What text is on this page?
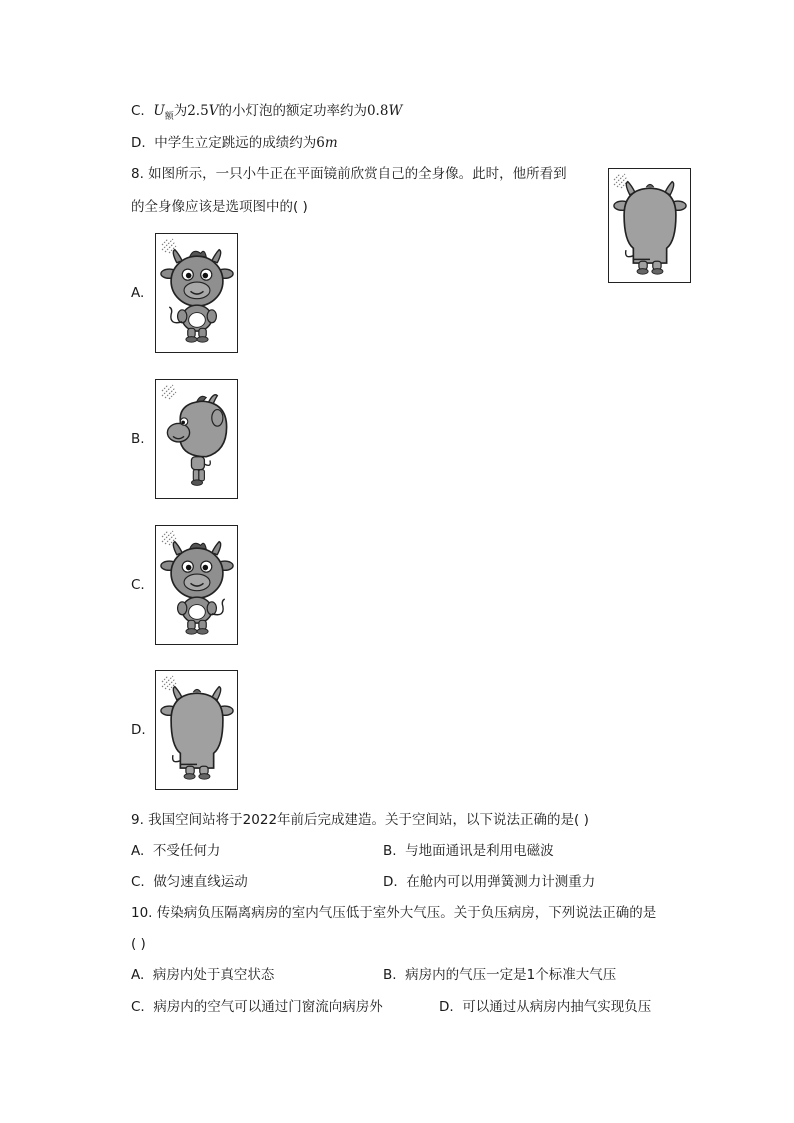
C. $U_额$为2.5V的小灯泡的额定功率约为0.8W
D. 中学生立定跳远的成绩约为6m
8. 如图所示，一只小牛正在平面镜前欣赏自己的全身像。此时，他所看到
的全身像应该是选项图中的( )
A.
B.
C.
D.
9. 我国空间站将于2022年前后完成建造。关于空间站，以下说法正确的是( )
A. 不受任何力	B. 与地面通讯是利用电磁波
C. 做匀速直线运动	D. 在舱内可以用弹簧测力计测重力
10. 传染病负压隔离病房的室内气压低于室外大气压。关于负压病房，下列说法正确的是
( )
A. 病房内处于真空状态	B. 病房内的气压一定是1个标准大气压
C. 病房内的空气可以通过门窗流向病房外	D. 可以通过从病房内抽气实现负压
